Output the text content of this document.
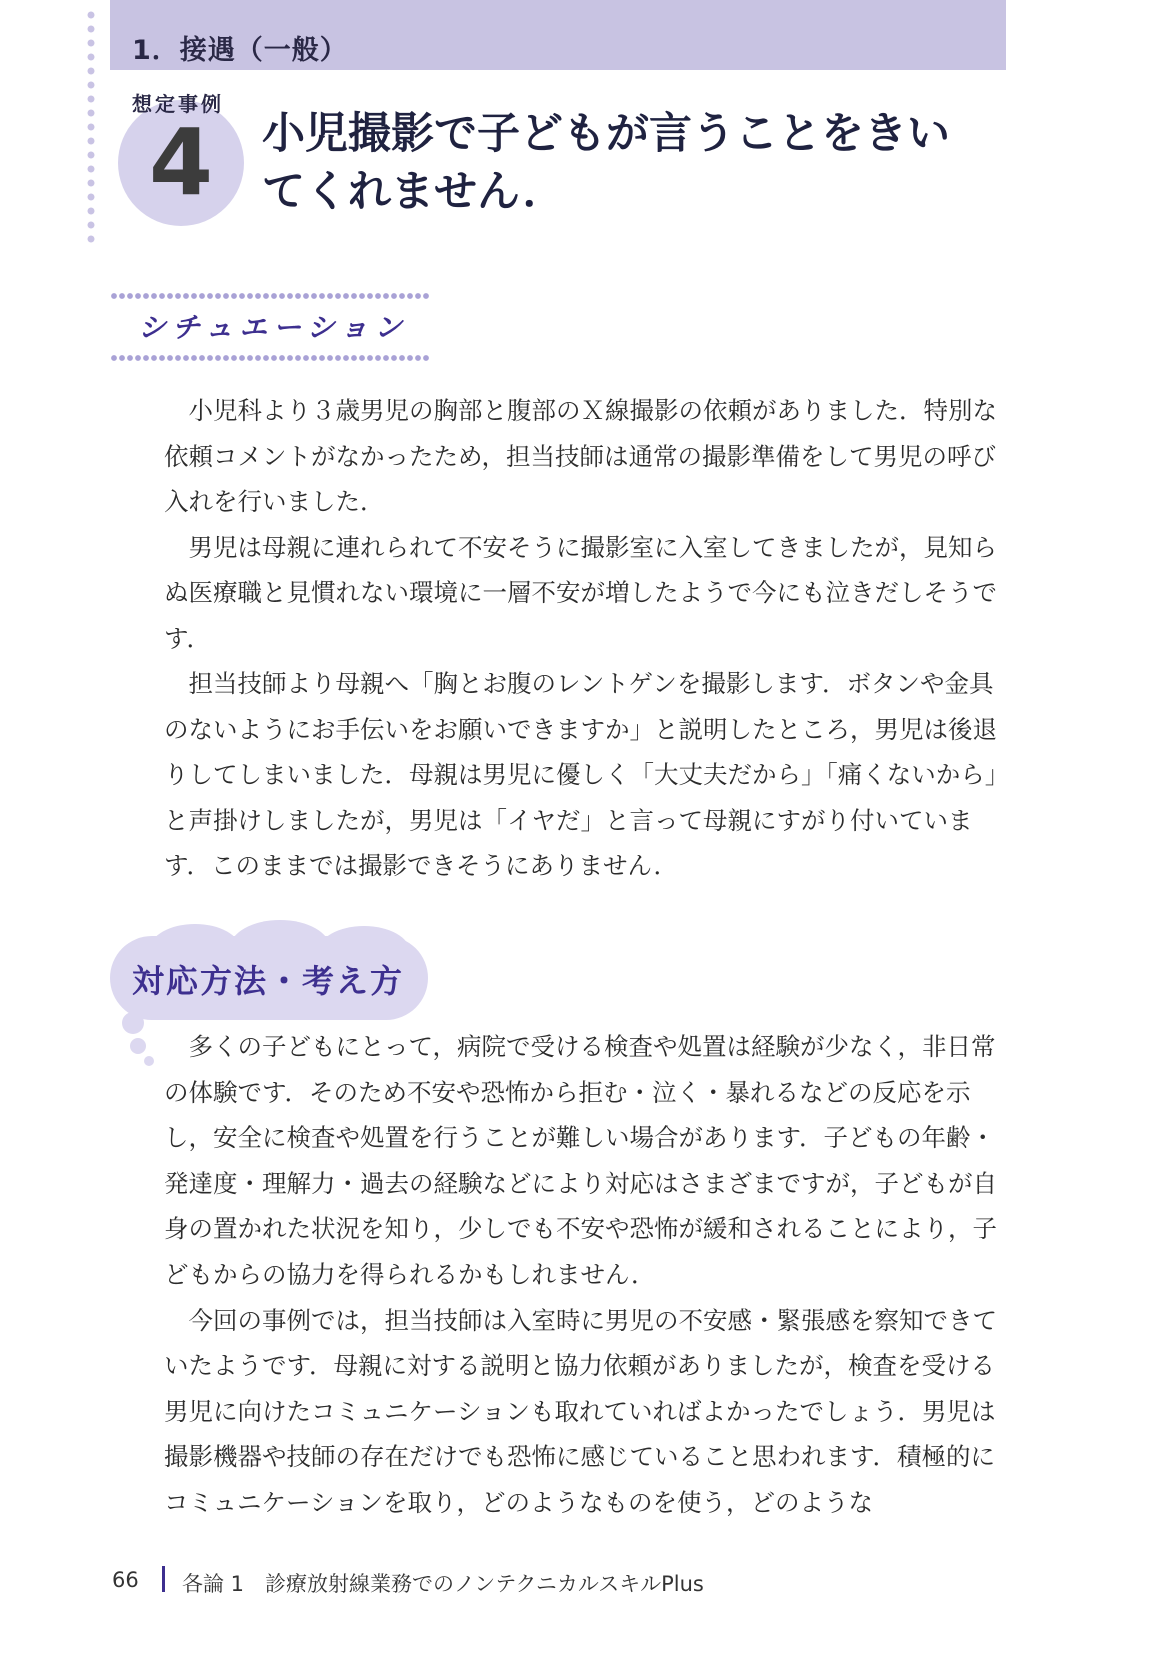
1．接遇（一般）
想定事例
4	小児撮影で子どもが言うことをきいてくれません．
シチュエーション

小児科より３歳男児の胸部と腹部のＸ線撮影の依頼がありました．特別な依頼コメントがなかったため，担当技師は通常の撮影準備をして男児の呼び入れを行いました．

男児は母親に連れられて不安そうに撮影室に入室してきましたが，見知らぬ医療職と見慣れない環境に一層不安が増したようで今にも泣きだしそうです．

担当技師より母親へ「胸とお腹のレントゲンを撮影します．ボタンや金具のないようにお手伝いをお願いできますか」と説明したところ，男児は後退りしてしまいました．母親は男児に優しく「大丈夫だから」「痛くないから」と声掛けしましたが，男児は「イヤだ」と言って母親にすがり付いています．このままでは撮影できそうにありません．

対応方法・考え方

多くの子どもにとって，病院で受ける検査や処置は経験が少なく，非日常の体験です．そのため不安や恐怖から拒む・泣く・暴れるなどの反応を示し，安全に検査や処置を行うことが難しい場合があります．子どもの年齢・発達度・理解力・過去の経験などにより対応はさまざまですが，子どもが自身の置かれた状況を知り，少しでも不安や恐怖が緩和されることにより，子どもからの協力を得られるかもしれません．

今回の事例では，担当技師は入室時に男児の不安感・緊張感を察知できていたようです．母親に対する説明と協力依頼がありましたが，検査を受ける男児に向けたコミュニケーションも取れていればよかったでしょう．男児は撮影機器や技師の存在だけでも恐怖に感じていること思われます．積極的にコミュニケーションを取り，どのようなものを使う，どのような

66 各論 1　診療放射線業務でのノンテクニカルスキルPlus
